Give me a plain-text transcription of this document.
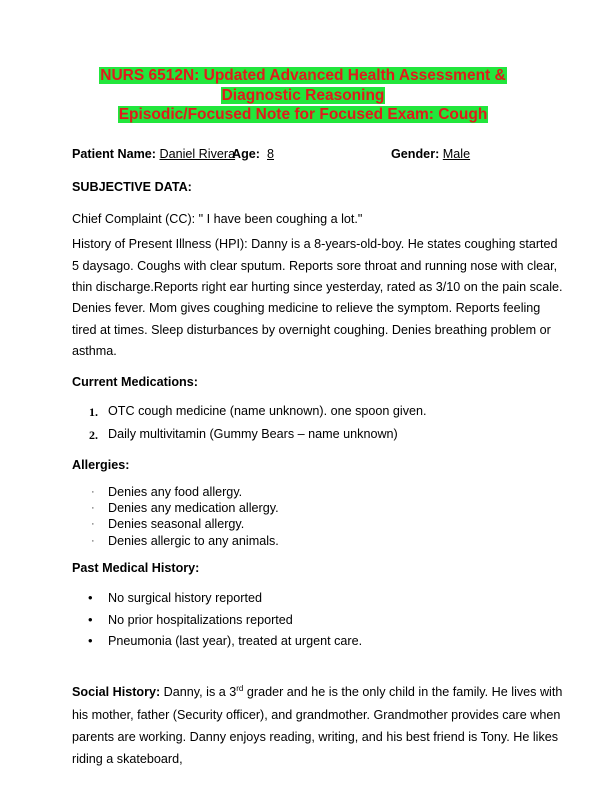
NURS 6512N: Updated Advanced Health Assessment &
Diagnostic Reasoning
Episodic/Focused Note for Focused Exam: Cough
Patient Name: Daniel Rivera
Age: 8	Gender: Male
SUBJECTIVE DATA:
Chief Complaint (CC): " I have been coughing a lot."
History of Present Illness (HPI): Danny is a 8-years-old-boy. He states coughing started
5 daysago. Coughs with clear sputum. Reports sore throat and running nose with clear,
thin discharge.Reports right ear hurting since yesterday, rated as 3/10 on the pain scale.
Denies fever. Mom gives coughing medicine to relieve the symptom. Reports feeling
tired at times. Sleep disturbances by overnight coughing. Denies breathing problem or
asthma.
Current Medications:
1. OTC cough medicine (name unknown). one spoon given.
2. Daily multivitamin (Gummy Bears – name unknown)
Allergies:
· Denies any food allergy.
· Denies any medication allergy.
· Denies seasonal allergy.
· Denies allergic to any animals.
Past Medical History:
• No surgical history reported
• No prior hospitalizations reported
• Pneumonia (last year), treated at urgent care.
Social History: Danny, is a 3rd grader and he is the only child in the family. He lives with
his mother, father (Security officer), and grandmother. Grandmother provides care when
parents are working. Danny enjoys reading, writing, and his best friend is Tony. He likes
riding a skateboard,
